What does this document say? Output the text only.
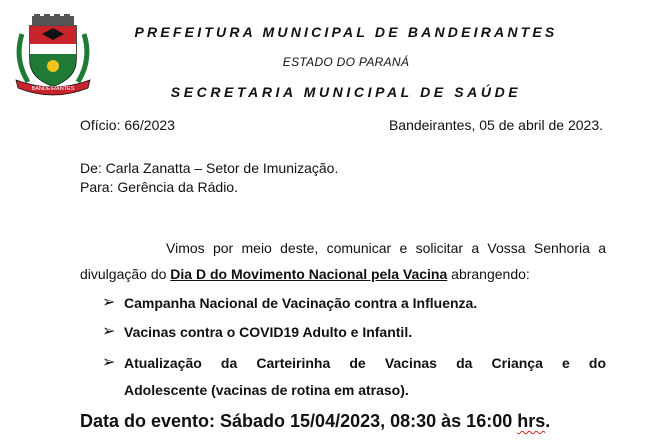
BANDEIRANTES
PREFEITURA MUNICIPAL DE BANDEIRANTES
ESTADO DO PARANÁ
SECRETARIA MUNICIPAL DE SAÚDE
Ofício: 66/2023	Bandeirantes, 05 de abril de 2023.
De: Carla Zanatta – Setor de Imunização.
Para: Gerência da Rádio.
Vimos por meio deste, comunicar e solicitar a Vossa Senhoria a
divulgação do Dia D do Movimento Nacional pela Vacina abrangendo:
➢ Campanha Nacional de Vacinação contra a Influenza.
➢ Vacinas contra o COVID19 Adulto e Infantil.
➢ Atualização da Carteirinha de Vacinas da Criança e do
Adolescente (vacinas de rotina em atraso).
Data do evento: Sábado 15/04/2023, 08:30 às 16:00 hrs.
